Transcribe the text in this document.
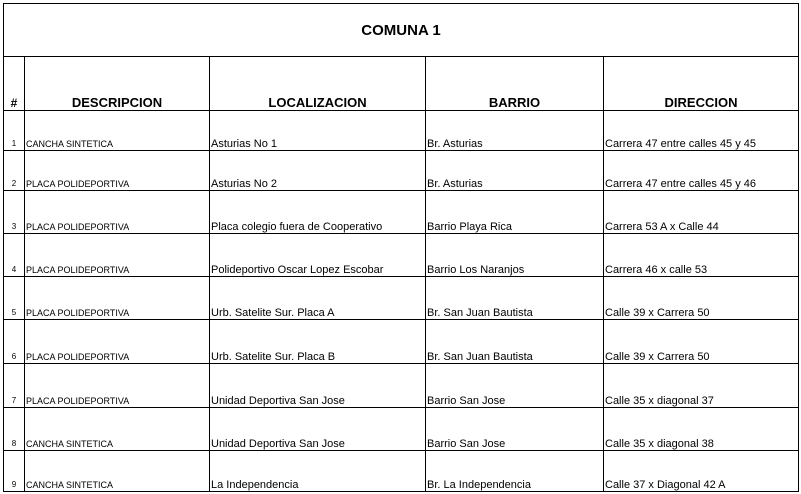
COMUNA 1				
#	DESCRIPCION	LOCALIZACION	BARRIO	DIRECCION
1	CANCHA SINTETICA	Asturias No 1	Br. Asturias	Carrera 47 entre calles 45 y 45
2	PLACA POLIDEPORTIVA	Asturias No 2	Br. Asturias	Carrera 47 entre calles 45 y 46
3	PLACA POLIDEPORTIVA	Placa colegio fuera de Cooperativo	Barrio Playa Rica	Carrera 53 A x Calle 44
4	PLACA POLIDEPORTIVA	Polideportivo Oscar Lopez Escobar	Barrio Los Naranjos	Carrera 46 x calle 53
5	PLACA POLIDEPORTIVA	Urb. Satelite Sur. Placa A	Br. San Juan Bautista	Calle 39 x Carrera 50
6	PLACA POLIDEPORTIVA	Urb. Satelite Sur. Placa B	Br. San Juan Bautista	Calle 39 x Carrera 50
7	PLACA POLIDEPORTIVA	Unidad Deportiva San Jose	Barrio San Jose	Calle 35 x diagonal 37
8	CANCHA SINTETICA	Unidad Deportiva San Jose	Barrio San Jose	Calle 35 x diagonal 38
9	CANCHA SINTETICA	La Independencia	Br. La Independencia	Calle 37 x Diagonal 42 A
